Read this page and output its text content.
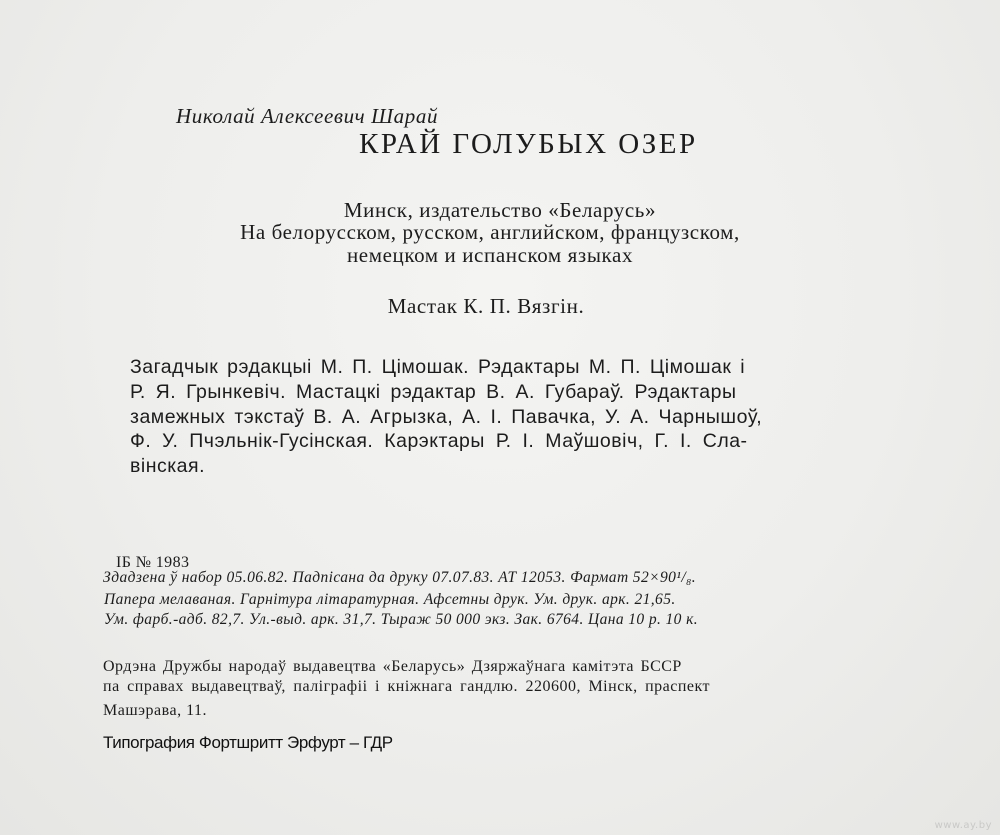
Николай Алексеевич Шарай
КРАЙ ГОЛУБЫХ ОЗЕР
Минск, издательство «Беларусь»
На белорусском, русском, английском, французском,
немецком и испанском языках
Мастак К. П. Вязгін.
Загадчык рэдакцыі М. П. Цімошак. Рэдактары М. П. Цімошак і
Р. Я. Грынкевіч. Мастацкі рэдактар В. А. Губараў. Рэдактары
замежных тэкстаў В. А. Агрызка, А. І. Павачка, У. А. Чарнышоў,
Ф. У. Пчэльнік-Гусінская. Карэктары Р. І. Маўшовіч, Г. І. Сла-
вінская.
ІБ № 1983
Здадзена ў набор 05.06.82. Падпісана да друку 07.07.83. АТ 12053. Фармат 52×90¹/₈.
Папера мелаваная. Гарнітура літаратурная. Афсетны друк. Ум. друк. арк. 21,65.
Ум. фарб.-адб. 82,7. Ул.-выд. арк. 31,7. Тыраж 50 000 экз. Зак. 6764. Цана 10 р. 10 к.
Ордэна Дружбы народаў выдавецтва «Беларусь» Дзяржаўнага камітэта БССР
па справах выдавецтваў, паліграфіі і кніжнага гандлю. 220600, Мінск, праспект
Машэрава, 11.
Типография Фортшритт Эрфурт – ГДР
www.ay.by
